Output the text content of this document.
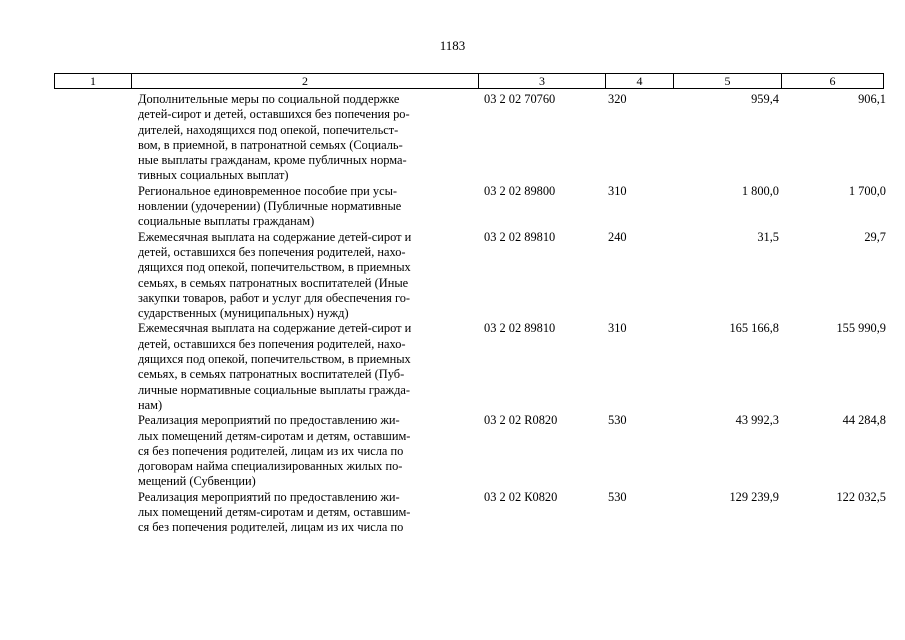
1183
1	2	3	4	5	6
Дополнительные меры по социальной поддержке
детей-сирот и детей, оставшихся без попечения ро-
дителей, находящихся под опекой, попечительст-
вом, в приемной, в патронатной семьях (Социаль-
ные выплаты гражданам, кроме публичных норма-
тивных социальных выплат)
03 2 02 70760	320	959,4	906,1
Региональное единовременное пособие при усы-
новлении (удочерении) (Публичные нормативные
социальные выплаты гражданам)
03 2 02 89800	310	1 800,0	1 700,0
Ежемесячная выплата на содержание детей-сирот и
детей, оставшихся без попечения родителей, нахо-
дящихся под опекой, попечительством, в приемных
семьях, в семьях патронатных воспитателей (Иные
закупки товаров, работ и услуг для обеспечения го-
сударственных (муниципальных) нужд)
03 2 02 89810	240	31,5	29,7
Ежемесячная выплата на содержание детей-сирот и
детей, оставшихся без попечения родителей, нахо-
дящихся под опекой, попечительством, в приемных
семьях, в семьях патронатных воспитателей (Пуб-
личные нормативные социальные выплаты гражда-
нам)
03 2 02 89810	310	165 166,8	155 990,9
Реализация мероприятий по предоставлению жи-
лых помещений детям-сиротам и детям, оставшим-
ся без попечения родителей, лицам из их числа по
договорам найма специализированных жилых по-
мещений (Субвенции)
03 2 02 R0820	530	43 992,3	44 284,8
Реализация мероприятий по предоставлению жи-
лых помещений детям-сиротам и детям, оставшим-
ся без попечения родителей, лицам из их числа по
03 2 02 К0820	530	129 239,9	122 032,5
